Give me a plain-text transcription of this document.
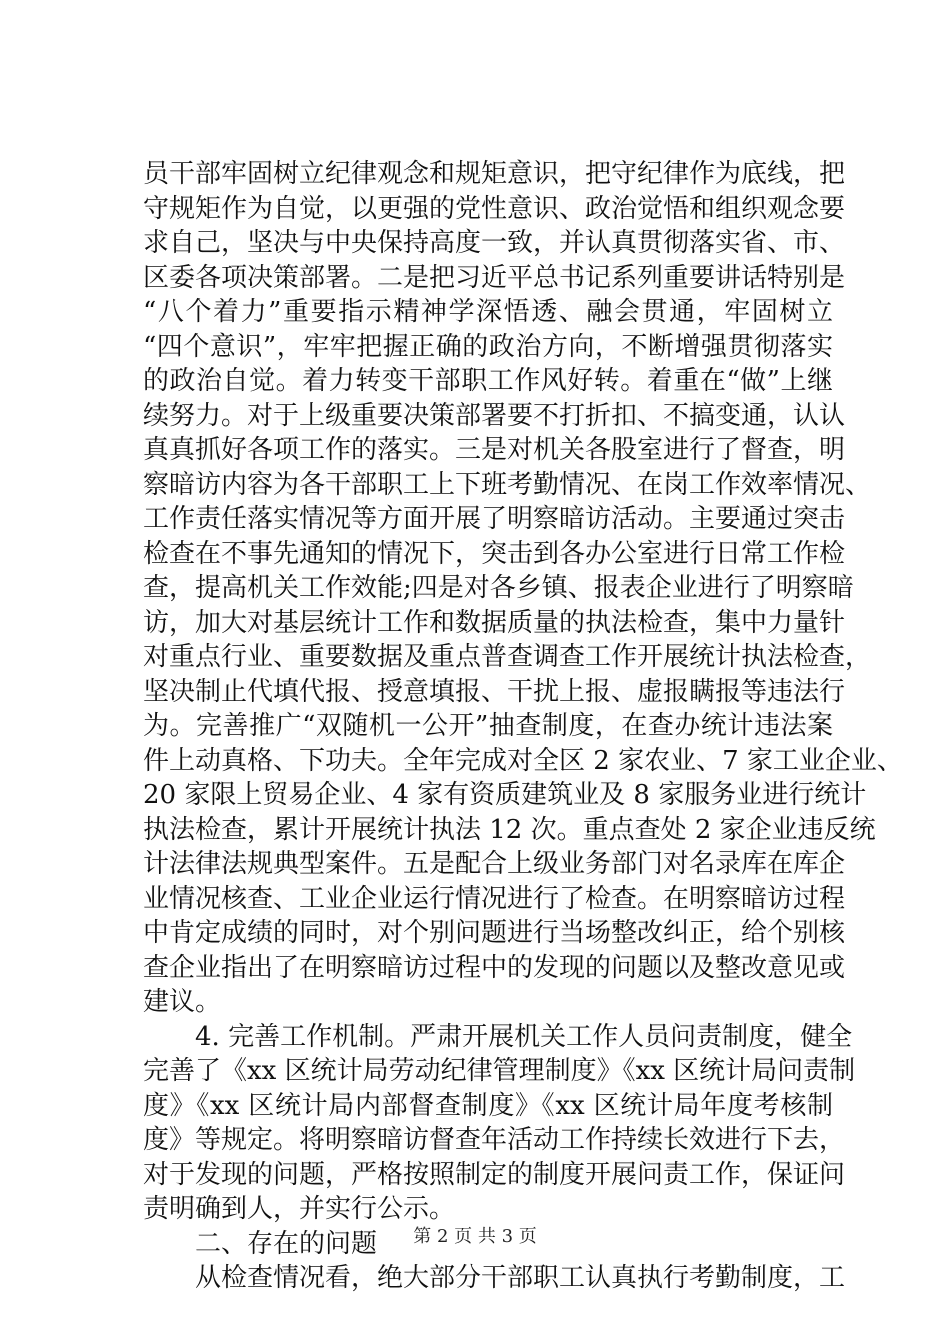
员干部牢固树立纪律观念和规矩意识，把守纪律作为底线，把
守规矩作为自觉，以更强的党性意识、政治觉悟和组织观念要
求自己，坚决与中央保持高度一致，并认真贯彻落实省、市、
区委各项决策部署。二是把习近平总书记系列重要讲话特别是
“八个着力”重要指示精神学深悟透、融会贯通，牢固树立
“四个意识”，牢牢把握正确的政治方向，不断增强贯彻落实
的政治自觉。着力转变干部职工作风好转。着重在“做”上继
续努力。对于上级重要决策部署要不打折扣、不搞变通，认认
真真抓好各项工作的落实。三是对机关各股室进行了督查，明
察暗访内容为各干部职工上下班考勤情况、在岗工作效率情况、
工作责任落实情况等方面开展了明察暗访活动。主要通过突击
检查在不事先通知的情况下，突击到各办公室进行日常工作检
查，提高机关工作效能;四是对各乡镇、报表企业进行了明察暗
访，加大对基层统计工作和数据质量的执法检查，集中力量针
对重点行业、重要数据及重点普查调查工作开展统计执法检查，
坚决制止代填代报、授意填报、干扰上报、虚报瞒报等违法行
为。完善推广“双随机一公开”抽查制度，在查办统计违法案
件上动真格、下功夫。全年完成对全区 2 家农业、7 家工业企业、
20 家限上贸易企业、4 家有资质建筑业及 8 家服务业进行统计
执法检查，累计开展统计执法 12 次。重点查处 2 家企业违反统
计法律法规典型案件。五是配合上级业务部门对名录库在库企
业情况核查、工业企业运行情况进行了检查。在明察暗访过程
中肯定成绩的同时，对个别问题进行当场整改纠正，给个别核
查企业指出了在明察暗访过程中的发现的问题以及整改意见或
建议。
4. 完善工作机制。严肃开展机关工作人员问责制度，健全
完善了《xx 区统计局劳动纪律管理制度》《xx 区统计局问责制
度》《xx 区统计局内部督查制度》《xx 区统计局年度考核制
度》等规定。将明察暗访督查年活动工作持续长效进行下去，
对于发现的问题，严格按照制定的制度开展问责工作，保证问
责明确到人，并实行公示。
二、存在的问题
从检查情况看，绝大部分干部职工认真执行考勤制度，工
第 2 页 共 3 页
